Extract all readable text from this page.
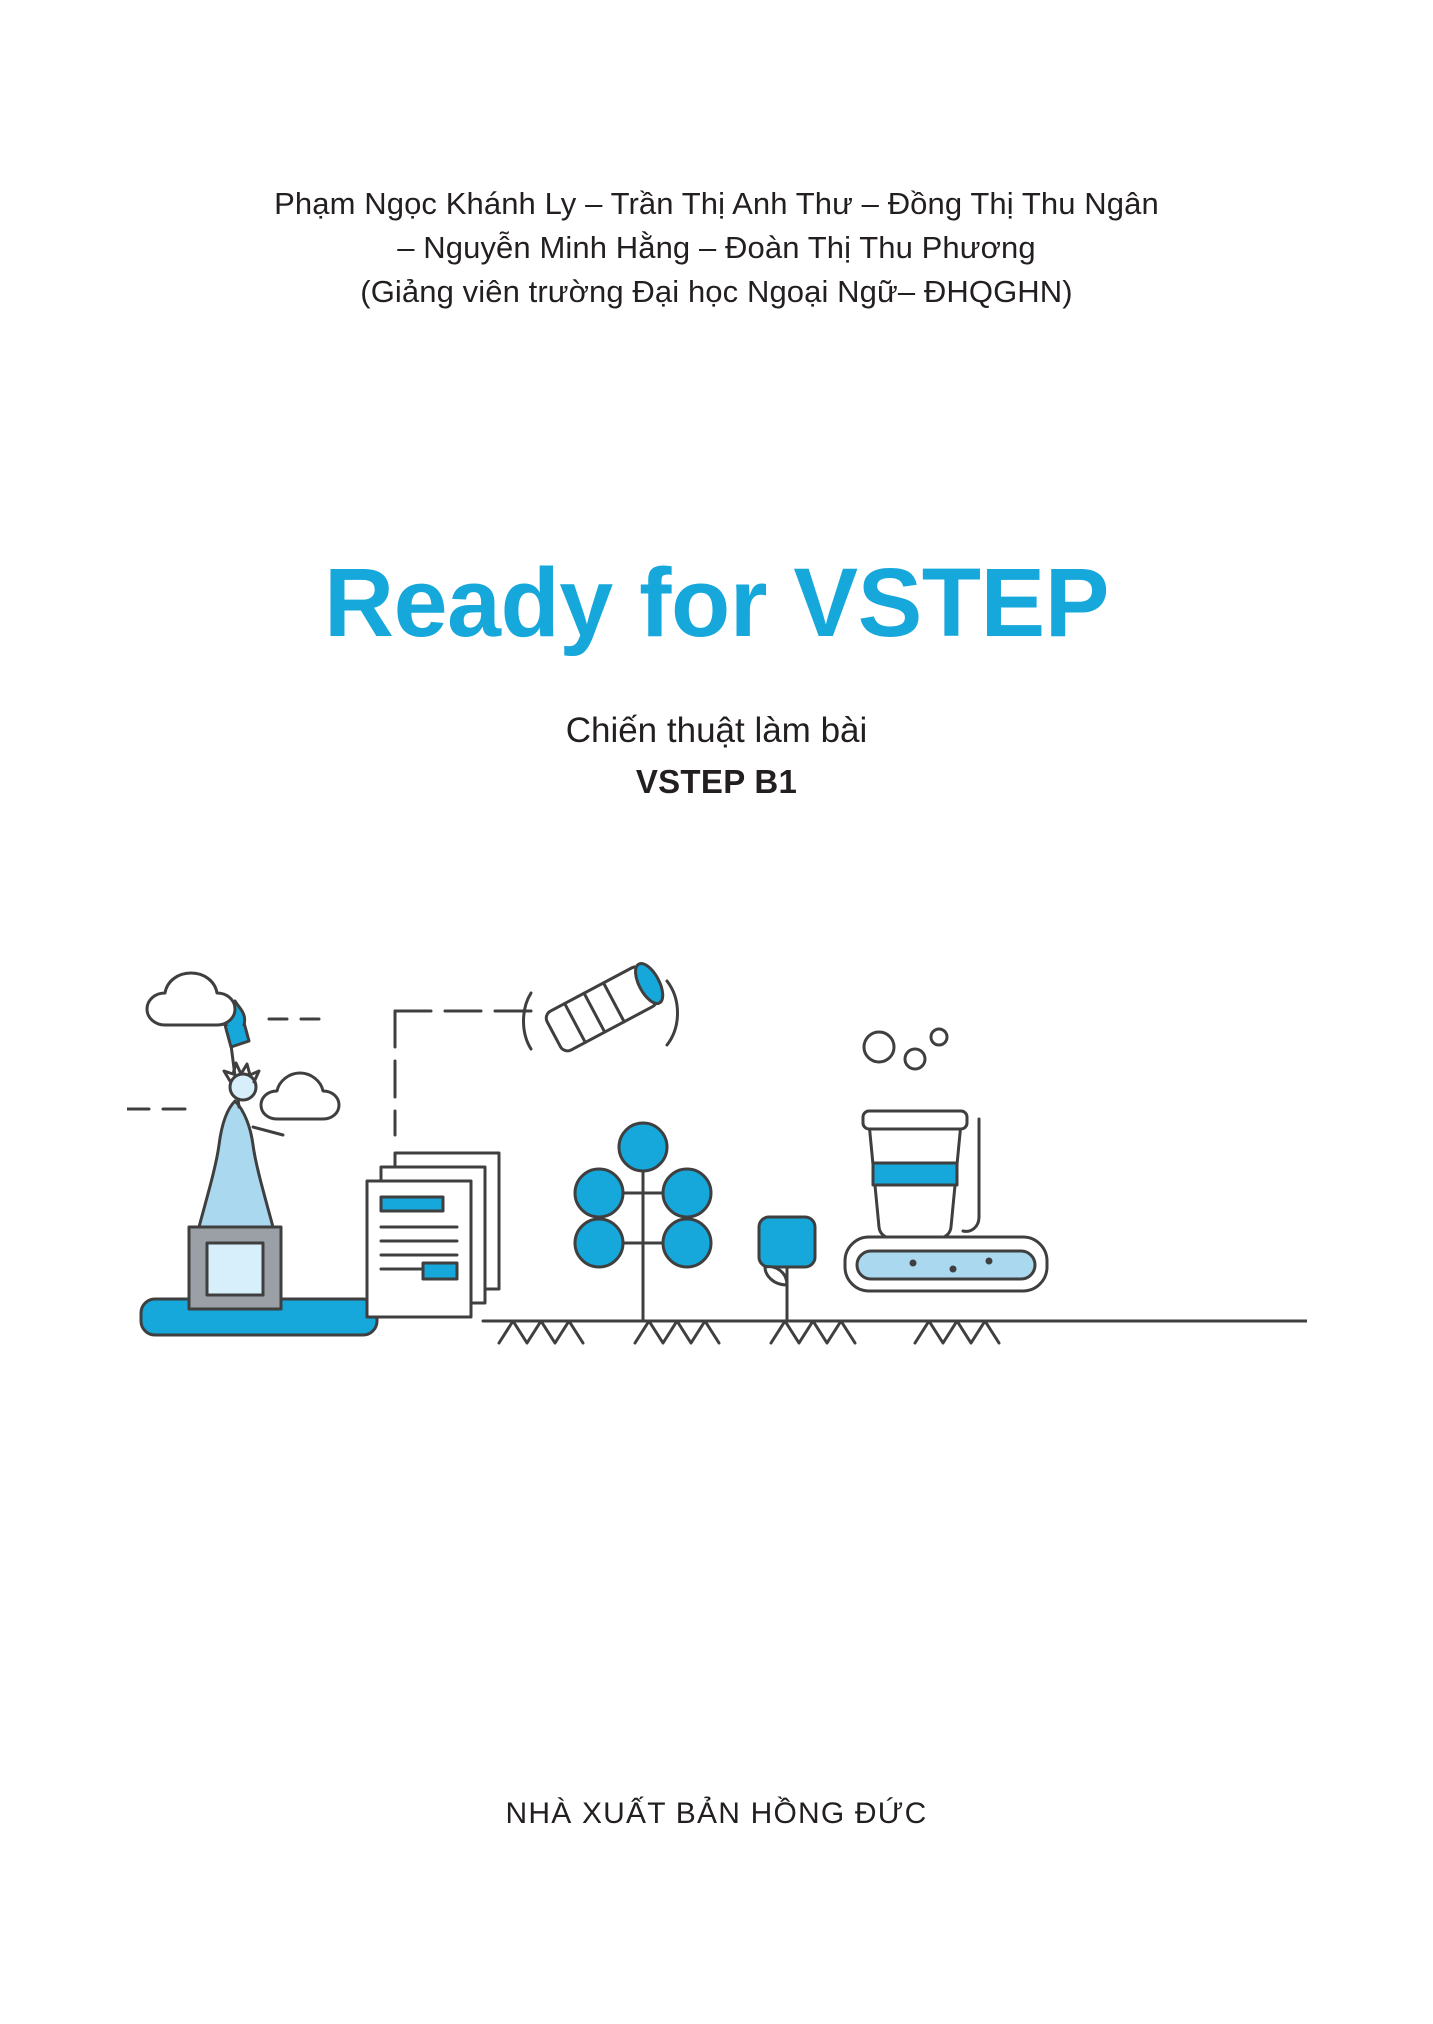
Phạm Ngọc Khánh Ly – Trần Thị Anh Thư – Đồng Thị Thu Ngân
– Nguyễn Minh Hằng – Đoàn Thị Thu Phương
(Giảng viên trường Đại học Ngoại Ngữ– ĐHQGHN)
Ready for VSTEP
Chiến thuật làm bài
VSTEP B1
NHÀ XUẤT BẢN HỒNG ĐỨC
